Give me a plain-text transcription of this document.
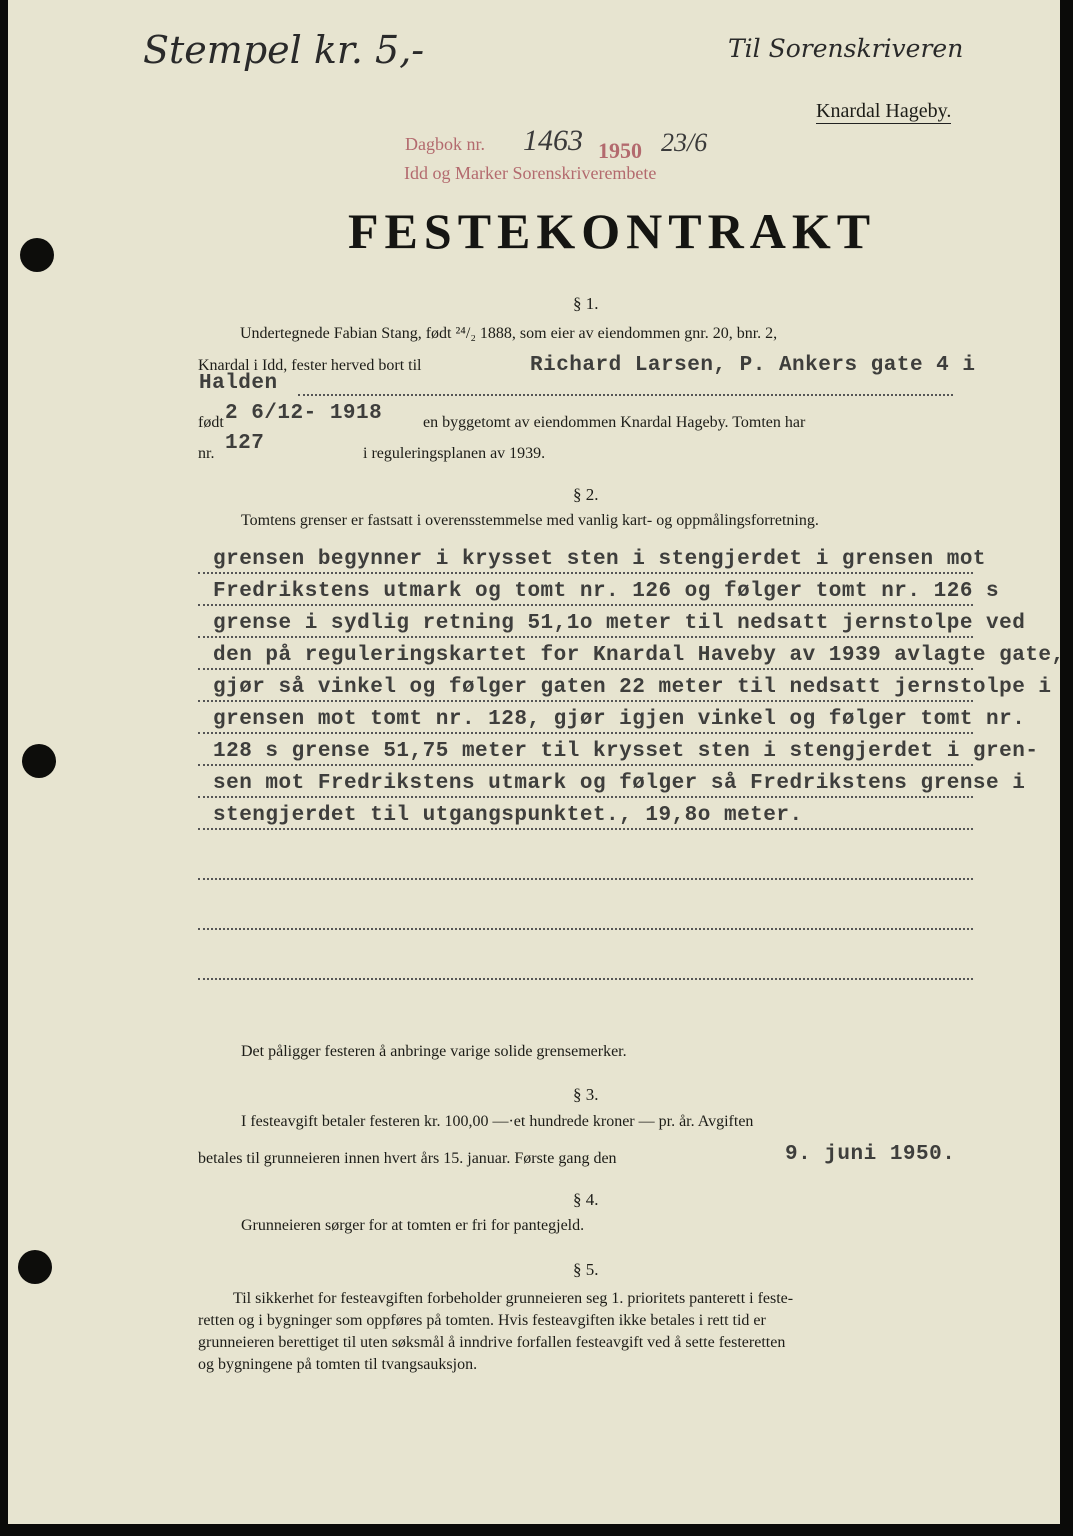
Stempel kr. 5,-	Til Sorenskriveren
Knardal Hageby.
Dagbok nr. 1463 1950 23/6
Idd og Marker Sorenskriverembete
FESTEKONTRAKT
§ 1.
Undertegnede Fabian Stang, født ²⁴/₂ 1888, som eier av eiendommen gnr. 20, bnr. 2,
Knardal i Idd, fester herved bort til	Richard Larsen, P. Ankers gate 4 i
Halden
født 2 6/12- 1918	en byggetomt av eiendommen Knardal Hageby. Tomten har
nr. 127	i reguleringsplanen av 1939.
§ 2.
Tomtens grenser er fastsatt i overensstemmelse med vanlig kart- og oppmålingsforretning.
grensen begynner i krysset sten i stengjerdet i grensen mot
Fredrikstens utmark og tomt nr. 126 og følger tomt nr. 126 s
grense i sydlig retning 51,1o meter til nedsatt jernstolpe ved
den på reguleringskartet for Knardal Haveby av 1939 avlagte gate,
gjør så vinkel og følger gaten 22 meter til nedsatt jernstolpe i
grensen mot tomt nr. 128, gjør igjen vinkel og følger tomt nr.
128 s grense 51,75 meter til krysset sten i stengjerdet i gren-
sen mot Fredrikstens utmark og følger så Fredrikstens grense i
stengjerdet til utgangspunktet., 19,8o meter.
Det påligger festeren å anbringe varige solide grensemerker.
§ 3.
I festeavgift betaler festeren kr. 100,00 —·et hundrede kroner — pr. år. Avgiften
betales til grunneieren innen hvert års 15. januar. Første gang den	9. juni 1950.
§ 4.
Grunneieren sørger for at tomten er fri for pantegjeld.
§ 5.
Til sikkerhet for festeavgiften forbeholder grunneieren seg 1. prioritets panterett i feste-
retten og i bygninger som oppføres på tomten. Hvis festeavgiften ikke betales i rett tid er
grunneieren berettiget til uten søksmål å inndrive forfallen festeavgift ved å sette festeretten
og bygningene på tomten til tvangsauksjon.
